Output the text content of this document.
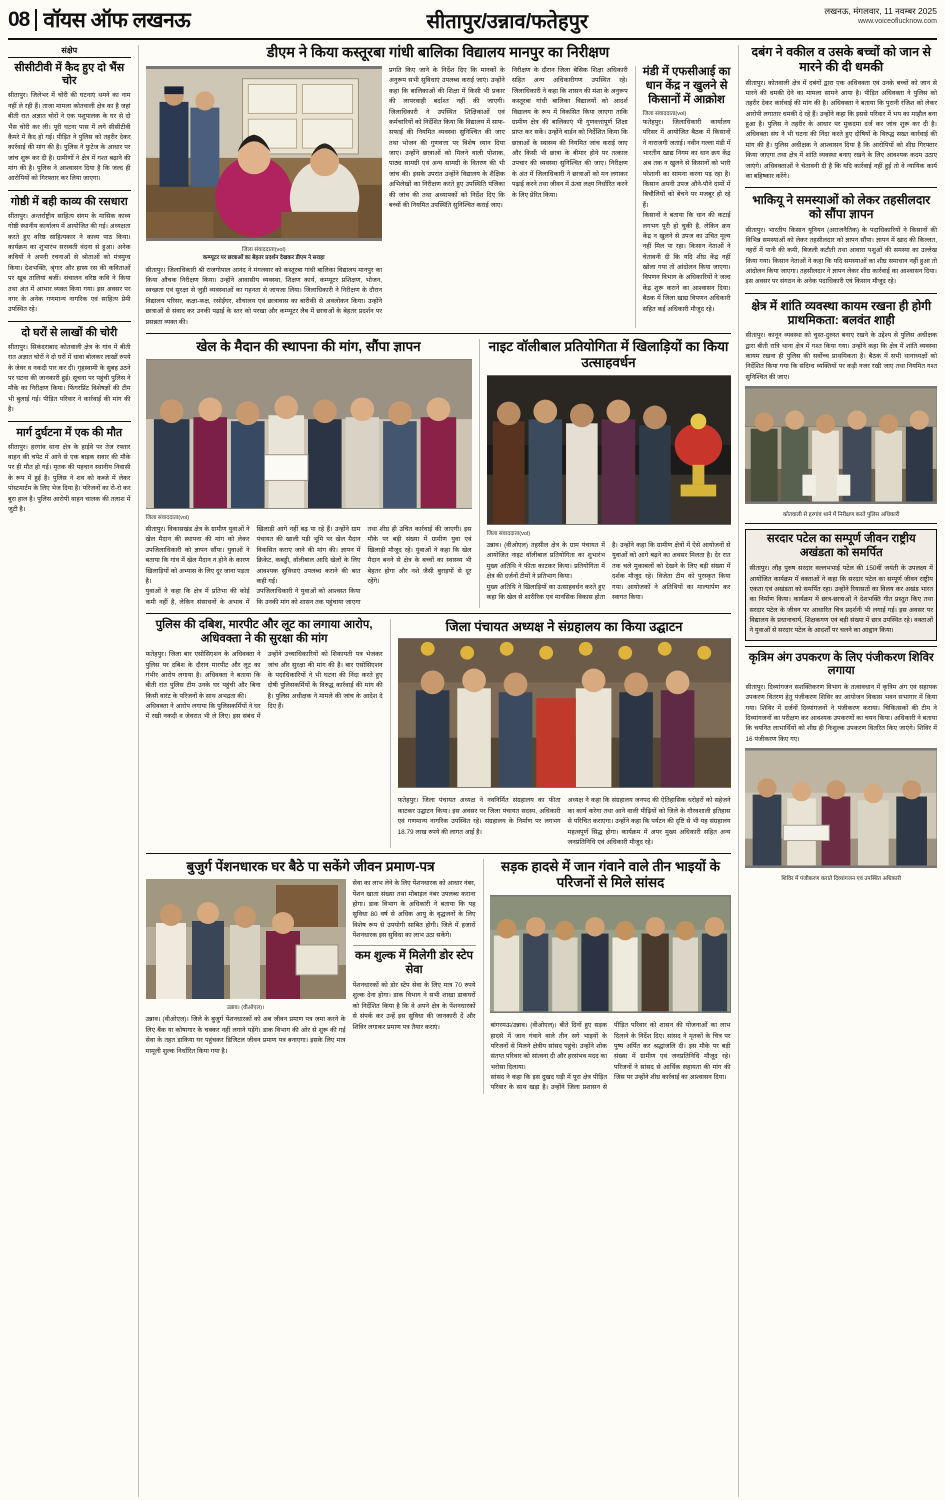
08 वॉयस ऑफ लखनऊ	सीतापुर/उन्नाव/फतेहपुर	लखनऊ, मंगलवार, 11 नवम्बर 2025
www.voiceoflucknow.com
संक्षेप
सीसीटीवी में कैद हुए दो भैंस चोर
सीतापुर। जिलेभर में चोरी की घटनाएं थमने का नाम नहीं ले रही हैं। ताजा मामला कोतवाली क्षेत्र का है जहां बीती रात अज्ञात चोरों ने एक पशुपालक के घर से दो भैंस चोरी कर ली। पूरी घटना पास में लगे सीसीटीवी कैमरे में कैद हो गई। पीड़ित ने पुलिस को तहरीर देकर कार्रवाई की मांग की है। पुलिस ने फुटेज के आधार पर जांच शुरू कर दी है। ग्रामीणों ने क्षेत्र में गश्त बढ़ाने की मांग की है। पुलिस ने आश्वासन दिया है कि जल्द ही आरोपियों को गिरफ्तार कर लिया जाएगा।
गोष्ठी में बही काव्य की रसधारा
सीतापुर। अन्तर्राष्ट्रीय साहित्य संगम के मासिक काव्य गोष्ठी स्थानीय कार्यालय में आयोजित की गई। अध्यक्षता करते हुए वरिष्ठ साहित्यकार ने काव्य पाठ किया। कार्यक्रम का शुभारंभ सरस्वती वंदना से हुआ। अनेक कवियों ने अपनी रचनाओं से श्रोताओं को मंत्रमुग्ध किया। देशभक्ति, श्रृंगार और हास्य रस की कविताओं पर खूब तालियां बजीं। संचालन वरिष्ठ कवि ने किया तथा अंत में आभार व्यक्त किया गया। इस अवसर पर नगर के अनेक गणमान्य नागरिक एवं साहित्य प्रेमी उपस्थित रहे।
दो घरों से लाखों की चोरी
सीतापुर। सिकंदराबाद कोतवाली क्षेत्र के गांव में बीती रात अज्ञात चोरों ने दो घरों में धावा बोलकर लाखों रुपये के जेवर व नकदी पार कर दी। गृहस्वामी के सुबह उठने पर घटना की जानकारी हुई। सूचना पर पहुंची पुलिस ने मौके का निरीक्षण किया। फिंगरप्रिंट विशेषज्ञों की टीम भी बुलाई गई। पीड़ित परिवार ने कार्रवाई की मांग की है।
मार्ग दुर्घटना में एक की मौत
सीतापुर। हरगांव थाना क्षेत्र के हाईवे पर तेज रफ्तार वाहन की चपेट में आने से एक बाइक सवार की मौके पर ही मौत हो गई। मृतक की पहचान स्थानीय निवासी के रूप में हुई है। पुलिस ने शव को कब्जे में लेकर पोस्टमार्टम के लिए भेज दिया है। परिजनों का रो-रो कर बुरा हाल है। पुलिस आरोपी वाहन चालक की तलाश में जुटी है।
डीएम ने किया कस्तूरबा गांधी बालिका विद्यालय मानपुर का निरीक्षण
जिला संवाददाता(vol)
कम्प्यूटर पर छात्राओं का बेहतर प्रदर्शन देखकर डीएम ने सराहा
सीतापुर। जिलाधिकारी श्री राजगोपाल आनंद ने मंगलवार को कस्तूरबा गांधी बालिका विद्यालय मानपुर का किया औचक निरीक्षण किया। उन्होंने आवासीय व्यवस्था, शिक्षण कार्य, कम्प्यूटर प्रशिक्षण, भोजन, स्वच्छता एवं सुरक्षा से जुड़ी व्यवस्थाओं का गहनता से जायजा लिया। जिलाधिकारी ने निरीक्षण के दौरान विद्यालय परिसर, कक्षा-कक्ष, रसोईघर, शौचालय एवं छात्रावास का बारीकी से अवलोकन किया। उन्होंने छात्राओं से संवाद कर उनकी पढ़ाई के स्तर को परखा और कम्प्यूटर लैब में छात्राओं के बेहतर प्रदर्शन पर प्रसन्नता व्यक्त की।
प्रगति किए जाने के निर्देश दिए कि मानकों के अनुरूप सभी सुविधाएं उपलब्ध कराई जाएं। उन्होंने कहा कि बालिकाओं की शिक्षा में किसी भी प्रकार की लापरवाही बर्दाश्त नहीं की जाएगी। जिलाधिकारी ने उपस्थित शिक्षिकाओं एवं कर्मचारियों को निर्देशित किया कि विद्यालय में साफ-सफाई की नियमित व्यवस्था सुनिश्चित की जाए तथा भोजन की गुणवत्ता पर विशेष ध्यान दिया जाए। उन्होंने छात्राओं को मिलने वाली पोशाक, पाठ्य सामग्री एवं अन्य सामग्री के वितरण की भी जांच की। इसके उपरांत उन्होंने विद्यालय के शैक्षिक अभिलेखों का निरीक्षण करते हुए उपस्थिति पंजिका की जांच की तथा अध्यापकों को निर्देश दिए कि बच्चों की नियमित उपस्थिति सुनिश्चित कराई जाए।
निरीक्षण के दौरान जिला बेसिक शिक्षा अधिकारी सहित अन्य अधिकारीगण उपस्थित रहे। जिलाधिकारी ने कहा कि शासन की मंशा के अनुरूप कस्तूरबा गांधी बालिका विद्यालयों को आदर्श विद्यालय के रूप में विकसित किया जाएगा ताकि ग्रामीण क्षेत्र की बालिकाएं भी गुणवत्तापूर्ण शिक्षा प्राप्त कर सकें। उन्होंने वार्डन को निर्देशित किया कि छात्राओं के स्वास्थ्य की नियमित जांच कराई जाए और किसी भी छात्रा के बीमार होने पर तत्काल उपचार की व्यवस्था सुनिश्चित की जाए। निरीक्षण के अंत में जिलाधिकारी ने छात्राओं को मन लगाकर पढ़ाई करने तथा जीवन में ऊंचा लक्ष्य निर्धारित करने के लिए प्रेरित किया।
मंडी में एफसीआई का धान केंद्र न खुलने से किसानों में आक्रोश
जिला संवाददाता(vol)
फतेहपुर। जिलाधिकारी कार्यालय परिसर में आयोजित बैठक में किसानों ने नाराजगी जताई। नवीन गल्ला मंडी में भारतीय खाद्य निगम का धान क्रय केंद्र अब तक न खुलने से किसानों को भारी परेशानी का सामना करना पड़ रहा है। किसान अपनी उपज औने-पौने दामों में बिचौलियों को बेचने पर मजबूर हो रहे हैं।
किसानों ने बताया कि धान की कटाई लगभग पूरी हो चुकी है, लेकिन क्रय केंद्र न खुलने से उपज का उचित मूल्य नहीं मिल पा रहा। किसान नेताओं ने चेतावनी दी कि यदि शीघ्र केंद्र नहीं खोला गया तो आंदोलन किया जाएगा। विपणन विभाग के अधिकारियों ने जल्द केंद्र शुरू कराने का आश्वासन दिया। बैठक में जिला खाद्य विपणन अधिकारी सहित कई अधिकारी मौजूद रहे।
खेल के मैदान की स्थापना की मांग, सौंपा ज्ञापन
जिला संवाददाता(vol)
सीतापुर। विकासखंड क्षेत्र के ग्रामीण युवाओं ने खेल मैदान की स्थापना की मांग को लेकर उपजिलाधिकारी को ज्ञापन सौंपा। युवाओं ने बताया कि गांव में खेल मैदान न होने के कारण खिलाड़ियों को अभ्यास के लिए दूर जाना पड़ता है।
युवाओं ने कहा कि क्षेत्र में प्रतिभा की कोई कमी नहीं है, लेकिन संसाधनों के अभाव में खिलाड़ी आगे नहीं बढ़ पा रहे हैं। उन्होंने ग्राम पंचायत की खाली पड़ी भूमि पर खेल मैदान विकसित कराए जाने की मांग की। ज्ञापन में क्रिकेट, कबड्डी, वॉलीबाल आदि खेलों के लिए आवश्यक सुविधाएं उपलब्ध कराने की बात कही गई।
उपजिलाधिकारी ने युवाओं को आश्वस्त किया कि उनकी मांग को शासन तक पहुंचाया जाएगा तथा शीघ्र ही उचित कार्रवाई की जाएगी। इस मौके पर बड़ी संख्या में ग्रामीण युवा एवं खिलाड़ी मौजूद रहे। युवाओं ने कहा कि खेल मैदान बनने से क्षेत्र के बच्चों का स्वास्थ्य भी बेहतर होगा और नशे जैसी बुराइयों से दूर रहेंगे।
नाइट वॉलीबाल प्रतियोगिता में खिलाड़ियों का किया उत्साहवर्धन
जिला संवाददाता(vol)
उन्नाव। (वीओएल) तहसील क्षेत्र के ग्राम पंचायत में आयोजित नाइट वॉलीबाल प्रतियोगिता का शुभारंभ मुख्य अतिथि ने फीता काटकर किया। प्रतियोगिता में क्षेत्र की दर्जनों टीमों ने प्रतिभाग किया।
मुख्य अतिथि ने खिलाड़ियों का उत्साहवर्धन करते हुए कहा कि खेल से शारीरिक एवं मानसिक विकास होता है। उन्होंने कहा कि ग्रामीण क्षेत्रों में ऐसे आयोजनों से युवाओं को आगे बढ़ने का अवसर मिलता है। देर रात तक चले मुकाबलों को देखने के लिए बड़ी संख्या में दर्शक मौजूद रहे। विजेता टीम को पुरस्कृत किया गया। आयोजकों ने अतिथियों का माल्यार्पण कर स्वागत किया।
पुलिस की दबिश, मारपीट और लूट का लगाया आरोप, अधिवक्ता ने की सुरक्षा की मांग
फतेहपुर। जिला बार एसोसिएशन के अधिवक्ता ने पुलिस पर दबिश के दौरान मारपीट और लूट का गंभीर आरोप लगाया है। अधिवक्ता ने बताया कि बीती रात पुलिस टीम उनके घर पहुंची और बिना किसी वारंट के परिजनों के साथ अभद्रता की।
अधिवक्ता ने आरोप लगाया कि पुलिसकर्मियों ने घर में रखी नकदी व जेवरात भी ले लिए। इस संबंध में उन्होंने उच्चाधिकारियों को शिकायती पत्र भेजकर जांच और सुरक्षा की मांग की है। बार एसोसिएशन के पदाधिकारियों ने भी घटना की निंदा करते हुए दोषी पुलिसकर्मियों के विरुद्ध कार्रवाई की मांग की है। पुलिस अधीक्षक ने मामले की जांच के आदेश दे दिए हैं।
जिला पंचायत अध्यक्ष ने संग्रहालय का किया उद्घाटन
फतेहपुर। जिला पंचायत अध्यक्ष ने नवनिर्मित संग्रहालय का फीता काटकर उद्घाटन किया। इस अवसर पर जिला पंचायत सदस्य, अधिकारी एवं गणमान्य नागरिक उपस्थित रहे। संग्रहालय के निर्माण पर लगभग 18.79 लाख रुपये की लागत आई है।
अध्यक्ष ने कहा कि संग्रहालय जनपद की ऐतिहासिक धरोहरों को सहेजने का कार्य करेगा तथा आने वाली पीढ़ियों को जिले के गौरवशाली इतिहास से परिचित कराएगा। उन्होंने कहा कि पर्यटन की दृष्टि से भी यह संग्रहालय महत्वपूर्ण सिद्ध होगा। कार्यक्रम में अपर मुख्य अधिकारी सहित अन्य जनप्रतिनिधि एवं अधिकारी मौजूद रहे।
बुजुर्ग पेंशनधारक घर बैठे पा सकेंगे जीवन प्रमाण-पत्र
उन्नाव। (वीओएल)।
उन्नाव। (वीओएल)। जिले के बुजुर्ग पेंशनधारकों को अब जीवन प्रमाण पत्र जमा करने के लिए बैंक या कोषागार के चक्कर नहीं लगाने पड़ेंगे। डाक विभाग की ओर से शुरू की गई सेवा के तहत डाकिया घर पहुंचकर डिजिटल जीवन प्रमाण पत्र बनाएगा। इसके लिए मात्र मामूली शुल्क निर्धारित किया गया है।
सेवा का लाभ लेने के लिए पेंशनधारक को आधार नंबर, पेंशन खाता संख्या तथा मोबाइल नंबर उपलब्ध कराना होगा। डाक विभाग के अधिकारी ने बताया कि यह सुविधा 80 वर्ष से अधिक आयु के वृद्धजनों के लिए विशेष रूप से उपयोगी साबित होगी। जिले में हजारों पेंशनधारक इस सुविधा का लाभ उठा सकेंगे।
कम शुल्क में मिलेगी डोर स्टेप सेवा
पेंशनधारकों को डोर स्टेप सेवा के लिए मात्र 70 रुपये शुल्क देना होगा। डाक विभाग ने सभी शाखा डाकघरों को निर्देशित किया है कि वे अपने क्षेत्र के पेंशनधारकों से संपर्क कर उन्हें इस सुविधा की जानकारी दें और शिविर लगाकर प्रमाण पत्र तैयार कराएं।
सड़क हादसे में जान गंवाने वाले तीन भाइयों के परिजनों से मिले सांसद
बांगरमऊ/उन्नाव। (वीओएल)। बीते दिनों हुए सड़क हादसे में जान गंवाने वाले तीन सगे भाइयों के परिजनों से मिलने क्षेत्रीय सांसद पहुंचे। उन्होंने शोक संतप्त परिवार को सांत्वना दी और हरसंभव मदद का भरोसा दिलाया।
सांसद ने कहा कि इस दुखद घड़ी में पूरा क्षेत्र पीड़ित परिवार के साथ खड़ा है। उन्होंने जिला प्रशासन से पीड़ित परिवार को शासन की योजनाओं का लाभ दिलाने के निर्देश दिए। सांसद ने मृतकों के चित्र पर पुष्प अर्पित कर श्रद्धांजलि दी। इस मौके पर बड़ी संख्या में ग्रामीण एवं जनप्रतिनिधि मौजूद रहे। परिजनों ने सांसद से आर्थिक सहायता की मांग की जिस पर उन्होंने शीघ्र कार्रवाई का आश्वासन दिया।
दबंग ने वकील व उसके बच्चों को जान से मारने की दी धमकी
सीतापुर। कोतवाली क्षेत्र में दबंगों द्वारा एक अधिवक्ता एवं उनके बच्चों को जान से मारने की धमकी देने का मामला सामने आया है। पीड़ित अधिवक्ता ने पुलिस को तहरीर देकर कार्रवाई की मांग की है। अधिवक्ता ने बताया कि पुरानी रंजिश को लेकर आरोपी लगातार धमकी दे रहे हैं। उन्होंने कहा कि इससे परिवार में भय का माहौल बना हुआ है। पुलिस ने तहरीर के आधार पर मुकदमा दर्ज कर जांच शुरू कर दी है। अधिवक्ता संघ ने भी घटना की निंदा करते हुए दोषियों के विरुद्ध सख्त कार्रवाई की मांग की है। पुलिस अधीक्षक ने आश्वासन दिया है कि आरोपियों को शीघ्र गिरफ्तार किया जाएगा तथा क्षेत्र में शांति व्यवस्था बनाए रखने के लिए आवश्यक कदम उठाए जाएंगे। अधिवक्ताओं ने चेतावनी दी है कि यदि कार्रवाई नहीं हुई तो वे न्यायिक कार्य का बहिष्कार करेंगे।
भाकियू ने समस्याओं को लेकर तहसीलदार को सौंपा ज्ञापन
सीतापुर। भारतीय किसान यूनियन (अराजनैतिक) के पदाधिकारियों ने किसानों की विभिन्न समस्याओं को लेकर तहसीलदार को ज्ञापन सौंपा। ज्ञापन में खाद की किल्लत, नहरों में पानी की कमी, बिजली कटौती तथा आवारा पशुओं की समस्या का उल्लेख किया गया। किसान नेताओं ने कहा कि यदि समस्याओं का शीघ्र समाधान नहीं हुआ तो आंदोलन किया जाएगा। तहसीलदार ने ज्ञापन लेकर शीघ्र कार्रवाई का आश्वासन दिया। इस अवसर पर संगठन के अनेक पदाधिकारी एवं किसान मौजूद रहे।
क्षेत्र में शांति व्यवस्था कायम रखना ही होगी प्राथमिकता: बलवंत शाही
सीतापुर। कानून व्यवस्था को चुस्त-दुरुस्त बनाए रखने के उद्देश्य से पुलिस अधीक्षक द्वारा बीती रात्रि थाना क्षेत्र में गश्त किया गया। उन्होंने कहा कि क्षेत्र में शांति व्यवस्था कायम रखना ही पुलिस की सर्वोच्च प्राथमिकता है। बैठक में सभी थानाध्यक्षों को निर्देशित किया गया कि संदिग्ध व्यक्तियों पर कड़ी नजर रखी जाए तथा नियमित गश्त सुनिश्चित की जाए।
कोतवाली से हरगांव थाने में निरीक्षण करते पुलिस अधिकारी
सरदार पटेल का सम्पूर्ण जीवन राष्ट्रीय अखंडता को समर्पित
सीतापुर। लौह पुरुष सरदार वल्लभभाई पटेल की 150वीं जयंती के उपलक्ष्य में आयोजित कार्यक्रम में वक्ताओं ने कहा कि सरदार पटेल का सम्पूर्ण जीवन राष्ट्रीय एकता एवं अखंडता को समर्पित रहा। उन्होंने रियासतों का विलय कर अखंड भारत का निर्माण किया। कार्यक्रम में छात्र-छात्राओं ने देशभक्ति गीत प्रस्तुत किए तथा सरदार पटेल के जीवन पर आधारित चित्र प्रदर्शनी भी लगाई गई। इस अवसर पर विद्यालय के प्रधानाचार्य, शिक्षकगण एवं बड़ी संख्या में छात्र उपस्थित रहे। वक्ताओं ने युवाओं से सरदार पटेल के आदर्शों पर चलने का आह्वान किया।
कृत्रिम अंग उपकरण के लिए पंजीकरण शिविर लगाया
सीतापुर। दिव्यांगजन सशक्तिकरण विभाग के तत्वावधान में कृत्रिम अंग एवं सहायक उपकरण वितरण हेतु पंजीकरण शिविर का आयोजन विकास भवन सभागार में किया गया। शिविर में दर्जनों दिव्यांगजनों ने पंजीकरण कराया। चिकित्सकों की टीम ने दिव्यांगजनों का परीक्षण कर आवश्यक उपकरणों का चयन किया। अधिकारी ने बताया कि चयनित लाभार्थियों को शीघ्र ही निःशुल्क उपकरण वितरित किए जाएंगे। शिविर में 16 पंजीकरण किए गए।
शिविर में पंजीकरण कराते दिव्यांगजन एवं उपस्थित अधिकारी
